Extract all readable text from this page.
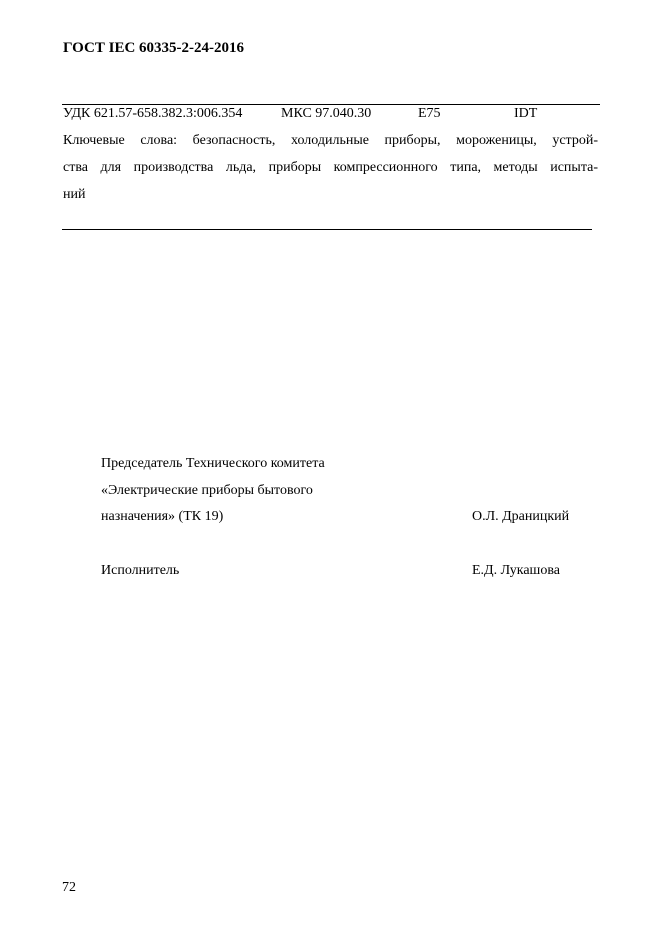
ГОСТ IEC 60335-2-24-2016
УДК 621.57-658.382.3:006.354	МКС 97.040.30	E75	IDT
Ключевые слова: безопасность, холодильные приборы, мороженицы, устрой-
ства для производства льда, приборы компрессионного типа, методы испыта-
ний
Председатель Технического комитета
«Электрические приборы бытового
назначения» (ТК 19)	О.Л. Драницкий
Исполнитель	Е.Д. Лукашова
72
